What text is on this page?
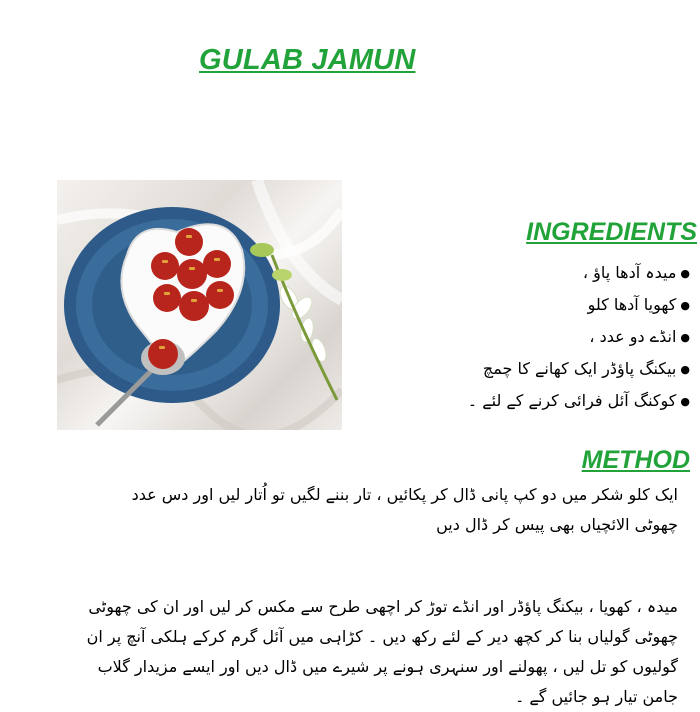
GULAB JAMUN
INGREDIENTS
●میدہ آدھا پاؤ ،
●کھویا آدھا کلو
●انڈے دو عدد ،
●بیکنگ پاؤڈر ایک کھانے کا چمچ
●کوکنگ آئل فرائی کرنے کے لئے ۔
METHOD
ایک کلو شکر میں دو کپ پانی ڈال کر پکائیں ، تار بننے لگیں تو اُتار لیں اور دس عدد
چھوٹی الائچیاں بھی پیس کر ڈال دیں
میدہ ، کھویا ، بیکنگ پاؤڈر اور انڈے توڑ کر اچھی طرح سے مکس کر لیں اور ان کی چھوٹی
چھوٹی گولیاں بنا کر کچھ دیر کے لئے رکھ دیں ۔ کڑاہی میں آئل گرم کرکے ہلکی آنچ پر ان
گولیوں کو تل لیں ، پھولنے اور سنہری ہونے پر شیرے میں ڈال دیں اور ایسے مزیدار گلاب
جامن تیار ہو جائیں گے ۔
